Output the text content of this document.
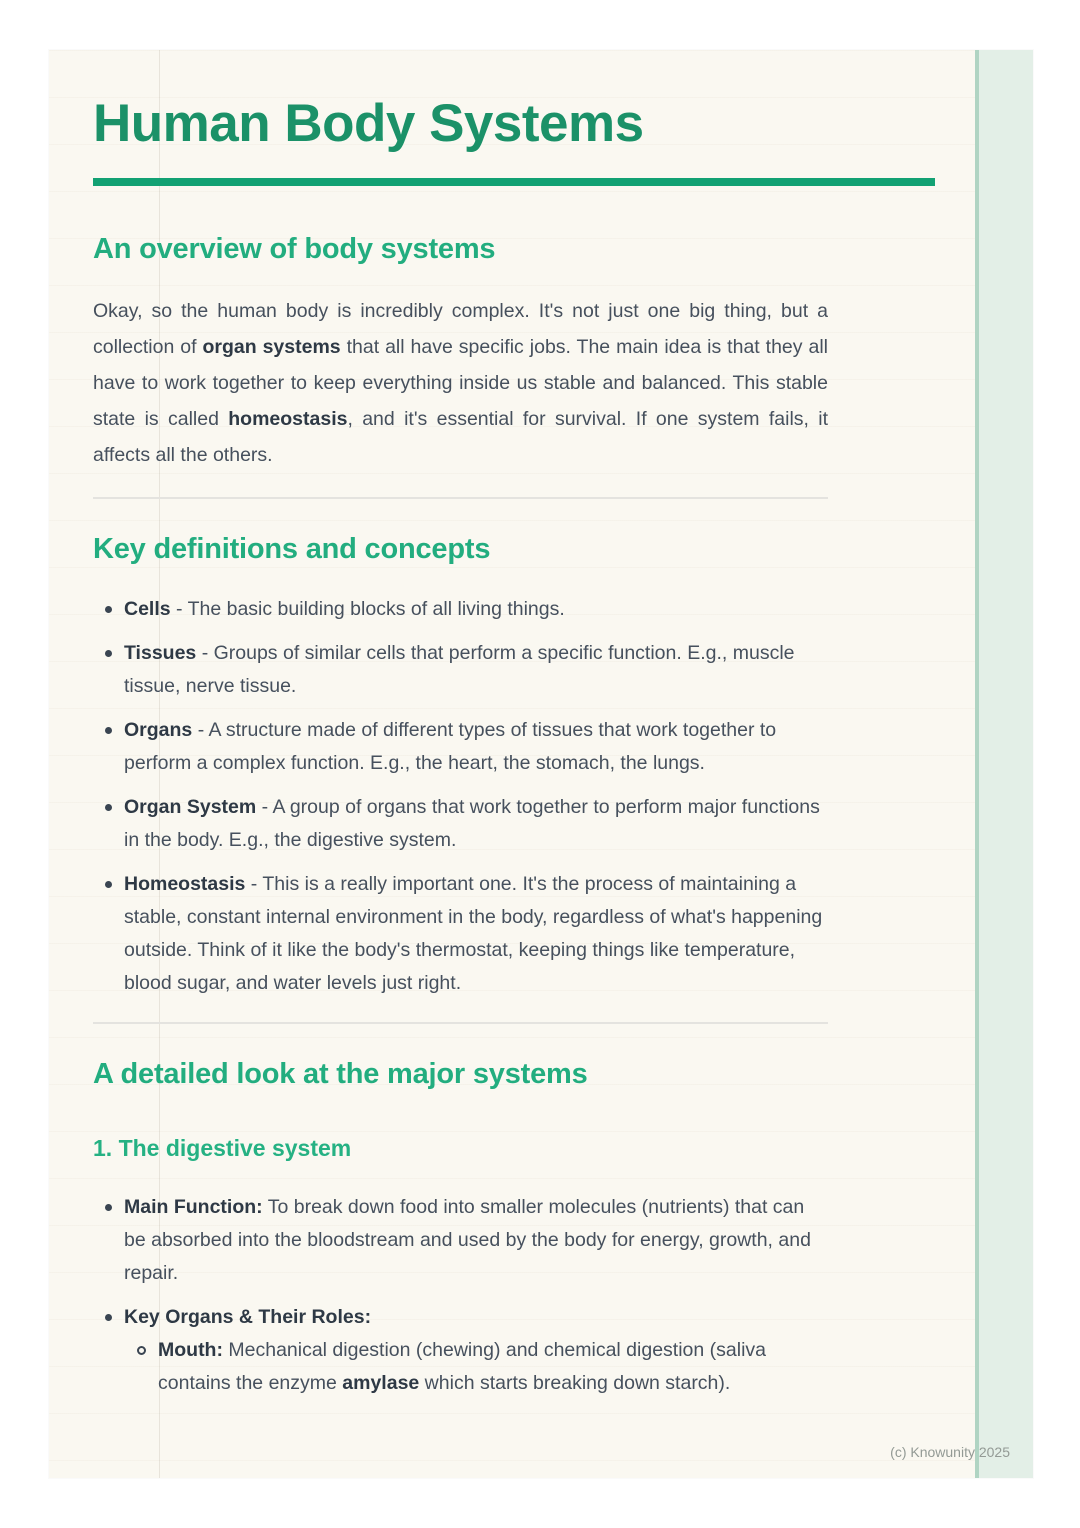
Human Body Systems
An overview of body systems

Okay, so the human body is incredibly complex. It's not just one big thing, but a collection of organ systems that all have specific jobs. The main idea is that they all have to work together to keep everything inside us stable and balanced. This stable state is called homeostasis, and it's essential for survival. If one system fails, it affects all the others.

Key definitions and concepts
Cells - The basic building blocks of all living things.
Tissues - Groups of similar cells that perform a specific function. E.g., muscle tissue, nerve tissue.
Organs - A structure made of different types of tissues that work together to perform a complex function. E.g., the heart, the stomach, the lungs.
Organ System - A group of organs that work together to perform major functions in the body. E.g., the digestive system.
Homeostasis - This is a really important one. It's the process of maintaining a stable, constant internal environment in the body, regardless of what's happening outside. Think of it like the body's thermostat, keeping things like temperature, blood sugar, and water levels just right.
A detailed look at the major systems
1. The digestive system
Main Function: To break down food into smaller molecules (nutrients) that can be absorbed into the bloodstream and used by the body for energy, growth, and repair.
Key Organs & Their Roles:
Mouth: Mechanical digestion (chewing) and chemical digestion (saliva contains the enzyme amylase which starts breaking down starch).
(c) Knowunity 2025
